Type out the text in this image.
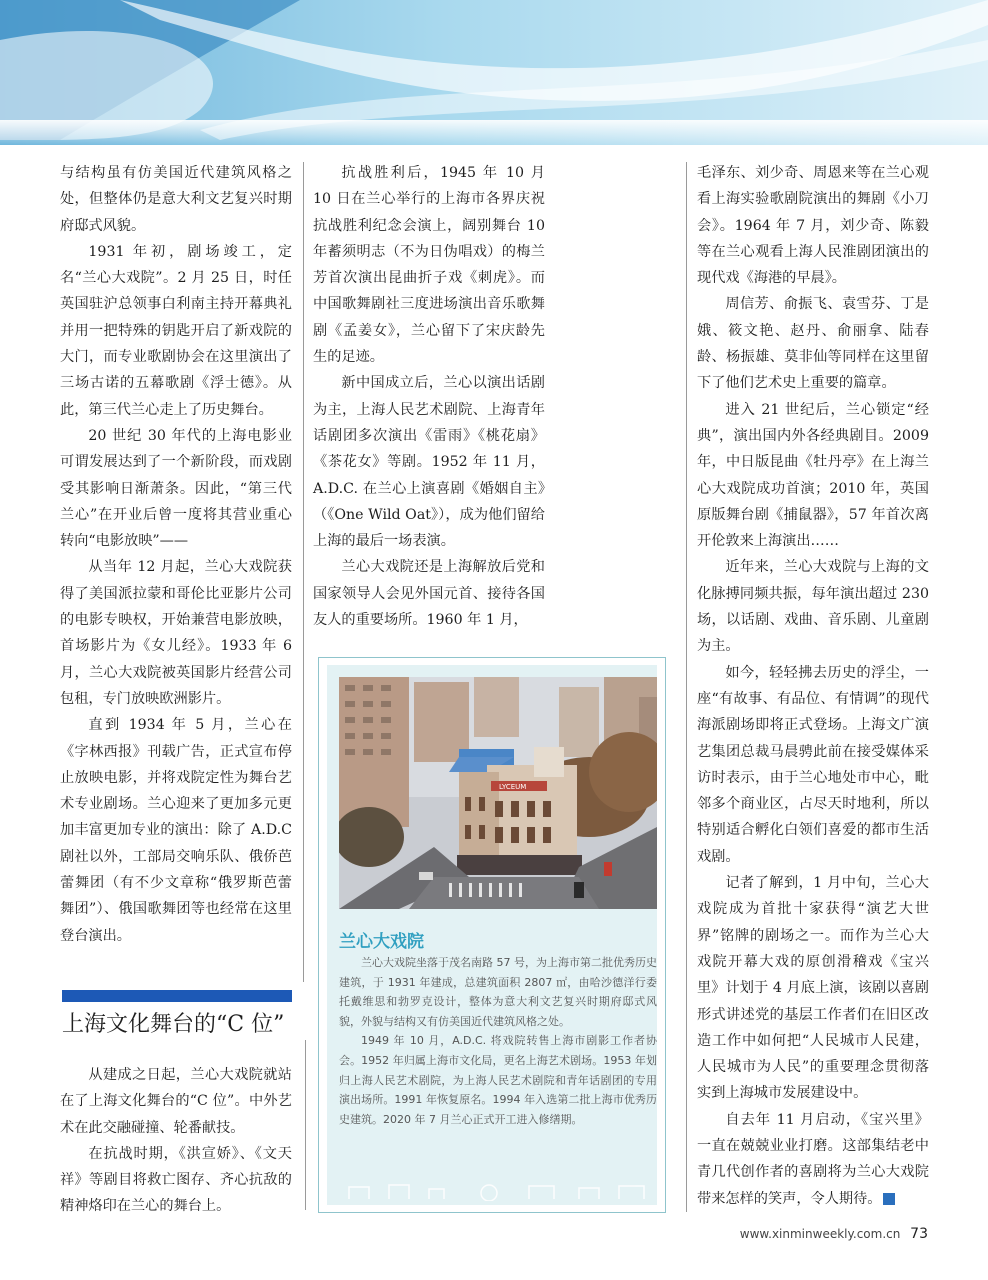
与结构虽有仿美国近代建筑风格之处，但整体仍是意大利文艺复兴时期府邸式风貌。

1931 年初，剧场竣工，定名“兰心大戏院”。2 月 25 日，时任英国驻沪总领事白利南主持开幕典礼并用一把特殊的钥匙开启了新戏院的大门，而专业歌剧协会在这里演出了三场古诺的五幕歌剧《浮士德》。从此，第三代兰心走上了历史舞台。

20 世纪 30 年代的上海电影业可谓发展达到了一个新阶段，而戏剧受其影响日渐萧条。因此，“第三代兰心”在开业后曾一度将其营业重心转向“电影放映”——

从当年 12 月起，兰心大戏院获得了美国派拉蒙和哥伦比亚影片公司的电影专映权，开始兼营电影放映，首场影片为《女儿经》。1933 年 6 月，兰心大戏院被英国影片经营公司包租，专门放映欧洲影片。

直到 1934 年 5 月，兰心在《字林西报》刊载广告，正式宣布停止放映电影，并将戏院定性为舞台艺术专业剧场。兰心迎来了更加多元更加丰富更加专业的演出：除了 A.D.C 剧社以外，工部局交响乐队、俄侨芭蕾舞团（有不少文章称“俄罗斯芭蕾舞团”）、俄国歌舞团等也经常在这里登台演出。

上海文化舞台的“C 位”

从建成之日起，兰心大戏院就站在了上海文化舞台的“C 位”。中外艺术在此交融碰撞、轮番献技。

在抗战时期，《洪宣娇》、《文天祥》等剧目将救亡图存、齐心抗敌的精神烙印在兰心的舞台上。

抗战胜利后，1945 年 10 月 10 日在兰心举行的上海市各界庆祝抗战胜利纪念会演上，阔别舞台 10 年蓄须明志（不为日伪唱戏）的梅兰芳首次演出昆曲折子戏《刺虎》。而中国歌舞剧社三度进场演出音乐歌舞剧《孟姜女》，兰心留下了宋庆龄先生的足迹。

新中国成立后，兰心以演出话剧为主，上海人民艺术剧院、上海青年话剧团多次演出《雷雨》《桃花扇》《茶花女》等剧。1952 年 11 月，A.D.C. 在兰心上演喜剧《婚姻自主》（《One Wild Oat》），成为他们留给上海的最后一场表演。

兰心大戏院还是上海解放后党和国家领导人会见外国元首、接待各国友人的重要场所。1960 年 1 月，

LYCEUM
兰心大戏院

兰心大戏院坐落于茂名南路 57 号，为上海市第二批优秀历史建筑，于 1931 年建成，总建筑面积 2807 ㎡，由哈沙德洋行委托戴维思和勃罗克设计，整体为意大利文艺复兴时期府邸式风貌，外貌与结构又有仿美国近代建筑风格之处。

1949 年 10 月，A.D.C. 将戏院转售上海市剧影工作者协会。1952 年归属上海市文化局，更名上海艺术剧场。1953 年划归上海人民艺术剧院，为上海人民艺术剧院和青年话剧团的专用演出场所。1991 年恢复原名。1994 年入选第二批上海市优秀历史建筑。2020 年 7 月兰心正式开工进入修缮期。

毛泽东、刘少奇、周恩来等在兰心观看上海实验歌剧院演出的舞剧《小刀会》。1964 年 7 月，刘少奇、陈毅等在兰心观看上海人民淮剧团演出的现代戏《海港的早晨》。

周信芳、俞振飞、袁雪芬、丁是娥、筱文艳、赵丹、俞丽拿、陆春龄、杨振雄、莫非仙等同样在这里留下了他们艺术史上重要的篇章。

进入 21 世纪后，兰心锁定“经典”，演出国内外各经典剧目。2009 年，中日版昆曲《牡丹亭》在上海兰心大戏院成功首演；2010 年，英国原版舞台剧《捕鼠器》，57 年首次离开伦敦来上海演出……

近年来，兰心大戏院与上海的文化脉搏同频共振，每年演出超过 230 场，以话剧、戏曲、音乐剧、儿童剧为主。

如今，轻轻拂去历史的浮尘，一座“有故事、有品位、有情调”的现代海派剧场即将正式登场。上海文广演艺集团总裁马晨骋此前在接受媒体采访时表示，由于兰心地处市中心，毗邻多个商业区，占尽天时地利，所以特别适合孵化白领们喜爱的都市生活戏剧。

记者了解到，1 月中旬，兰心大戏院成为首批十家获得“演艺大世界”铭牌的剧场之一。而作为兰心大戏院开幕大戏的原创滑稽戏《宝兴里》计划于 4 月底上演，该剧以喜剧形式讲述党的基层工作者们在旧区改造工作中如何把“人民城市人民建，人民城市为人民”的重要理念贯彻落实到上海城市发展建设中。

自去年 11 月启动，《宝兴里》一直在兢兢业业打磨。这部集结老中青几代创作者的喜剧将为兰心大戏院带来怎样的笑声，令人期待。	民

www.xinminweekly.com.cn 73
